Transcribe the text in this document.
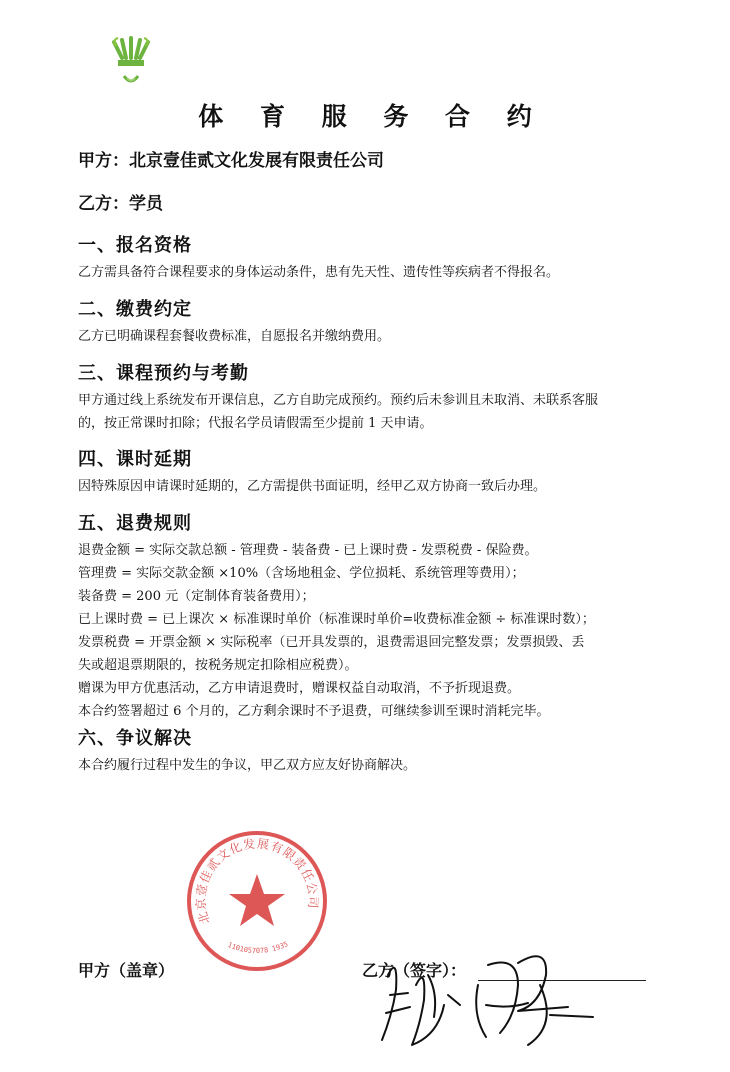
体 育 服 务 合 约
甲方：北京壹佳贰文化发展有限责任公司
乙方：学员
一、报名资格
乙方需具备符合课程要求的身体运动条件，患有先天性、遗传性等疾病者不得报名。
二、缴费约定
乙方已明确课程套餐收费标准，自愿报名并缴纳费用。
三、课程预约与考勤
甲方通过线上系统发布开课信息，乙方自助完成预约。预约后未参训且未取消、未联系客服
的，按正常课时扣除；代报名学员请假需至少提前 1 天申请。
四、课时延期
因特殊原因申请课时延期的，乙方需提供书面证明，经甲乙双方协商一致后办理。
五、退费规则
退费金额 = 实际交款总额 - 管理费 - 装备费 - 已上课时费 - 发票税费 - 保险费。
管理费 = 实际交款金额 ×10%（含场地租金、学位损耗、系统管理等费用）；
装备费 = 200 元（定制体育装备费用）；
已上课时费 = 已上课次 × 标准课时单价（标准课时单价=收费标准金额 ÷ 标准课时数）；
发票税费 = 开票金额 × 实际税率（已开具发票的，退费需退回完整发票；发票损毁、丢
失或超退票期限的，按税务规定扣除相应税费）。
赠课为甲方优惠活动，乙方申请退费时，赠课权益自动取消，不予折现退费。
本合约签署超过 6 个月的，乙方剩余课时不予退费，可继续参训至课时消耗完毕。
六、争议解决
本合约履行过程中发生的争议，甲乙双方应友好协商解决。
北京壹佳贰文化发展有限责任公司
1101057078 1935
甲方（盖章）	乙方（签字）：
